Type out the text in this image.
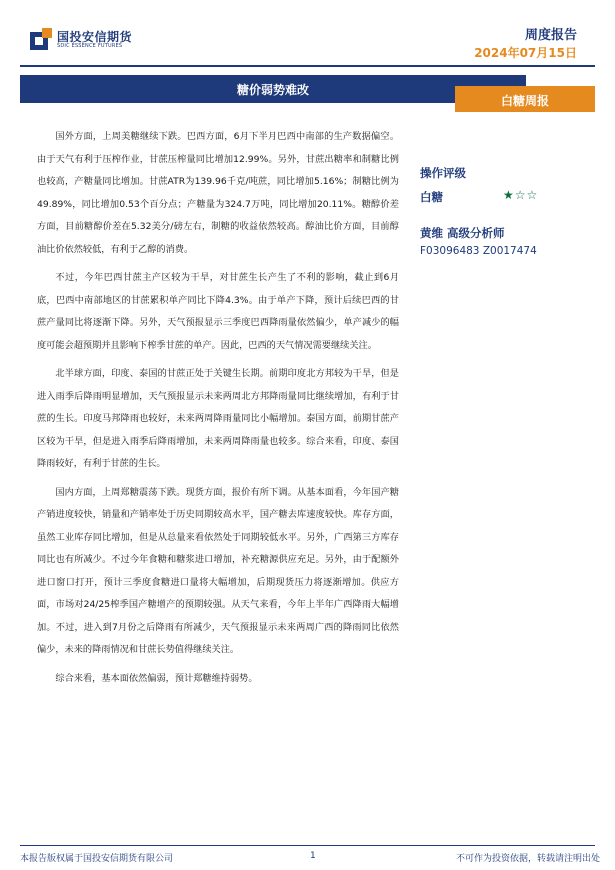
国投安信期货
SDIC ESSENCE FUTURES
周度报告
2024年07月15日
糖价弱势难改
白糖周报

国外方面，上周美糖继续下跌。巴西方面，6月下半月巴西中南部的生产数据偏空。由于天气有利于压榨作业，甘蔗压榨量同比增加12.99%。另外，甘蔗出糖率和制糖比例也较高，产糖量同比增加。甘蔗ATR为139.96千克/吨蔗，同比增加5.16%；制糖比例为49.89%，同比增加0.53个百分点；产糖量为324.7万吨，同比增加20.11%。糖醇价差方面，目前糖醇价差在5.32美分/磅左右，制糖的收益依然较高。醇油比价方面，目前醇油比价依然较低，有利于乙醇的消费。

不过，今年巴西甘蔗主产区较为干旱，对甘蔗生长产生了不利的影响，截止到6月底，巴西中南部地区的甘蔗累积单产同比下降4.3%。由于单产下降，预计后续巴西的甘蔗产量同比将逐渐下降。另外，天气预报显示三季度巴西降雨量依然偏少，单产减少的幅度可能会超预期并且影响下榨季甘蔗的单产。因此，巴西的天气情况需要继续关注。

北半球方面，印度、泰国的甘蔗正处于关键生长期。前期印度北方邦较为干旱，但是进入雨季后降雨明显增加，天气预报显示未来两周北方邦降雨量同比继续增加，有利于甘蔗的生长。印度马邦降雨也较好，未来两周降雨量同比小幅增加。泰国方面，前期甘蔗产区较为干旱，但是进入雨季后降雨增加，未来两周降雨量也较多。综合来看，印度、泰国降雨较好，有利于甘蔗的生长。

国内方面，上周郑糖震荡下跌。现货方面，报价有所下调。从基本面看，今年国产糖产销进度较快，销量和产销率处于历史同期较高水平，国产糖去库速度较快。库存方面，虽然工业库存同比增加，但是从总量来看依然处于同期较低水平。另外，广西第三方库存同比也有所减少。不过今年食糖和糖浆进口增加，补充糖源供应充足。另外，由于配额外进口窗口打开，预计三季度食糖进口量将大幅增加，后期现货压力将逐渐增加。供应方面，市场对24/25榨季国产糖增产的预期较强。从天气来看，今年上半年广西降雨大幅增加。不过，进入到7月份之后降雨有所减少，天气预报显示未来两周广西的降雨同比依然偏少，未来的降雨情况和甘蔗长势值得继续关注。

综合来看，基本面依然偏弱，预计郑糖维持弱势。

操作评级
白糖	★☆☆
黄维 高级分析师
F03096483 Z0017474
本报告版权属于国投安信期货有限公司	1	不可作为投资依据，转载请注明出处
